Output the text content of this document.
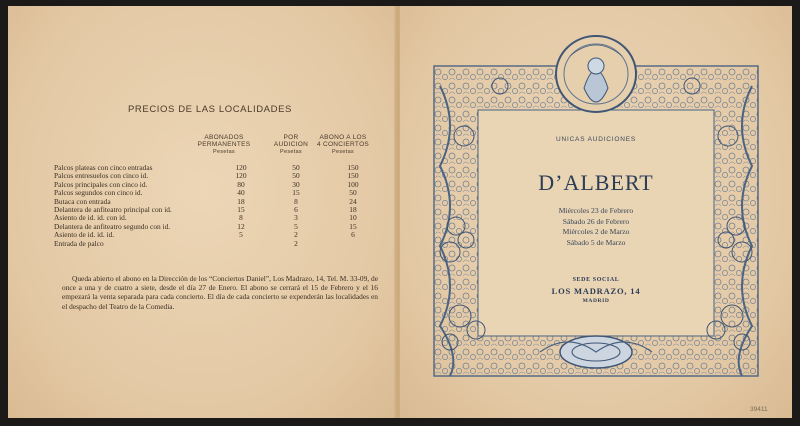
PRECIOS DE LAS LOCALIDADES
ABONADOS
PERMANENTES
Pesetas
POR
AUDICION
Pesetas
ABONO A LOS
4 CONCIERTOS
Pesetas
Palcos plateas con cinco entradas	120	50	150
Palcos entresuelos con cinco id.	120	50	150
Palcos principales con cinco id.	80	30	100
Palcos segundos con cinco id.	40	15	50
Butaca con entrada	18	8	24
Delantera de anfiteatro principal con id.	15	6	18
Asiento de id. id. con id.	8	3	10
Delantera de anfiteatro segundo con id.	12	5	15
Asiento de id. id. id.	5	2	6
Entrada de palco	2
Queda abierto el abono en la Dirección de los “Conciertos Daniel”, Los Madrazo, 14, Tel. M. 33-09, de once a una y de cuatro a siete, desde el día 27 de Enero. El abono se cerrará el 15 de Febrero y el 16 empezará la venta separada para cada concierto. El día de cada concierto se expenderán las localidades en el despacho del Teatro de la Comedia.
UNICAS AUDICIONES
D’ALBERT
Miércoles 23 de Febrero
Sábado 26 de Febrero
Miércoles 2 de Marzo
Sábado 5 de Marzo
SEDE SOCIAL
LOS MADRAZO, 14
MADRID
39411
